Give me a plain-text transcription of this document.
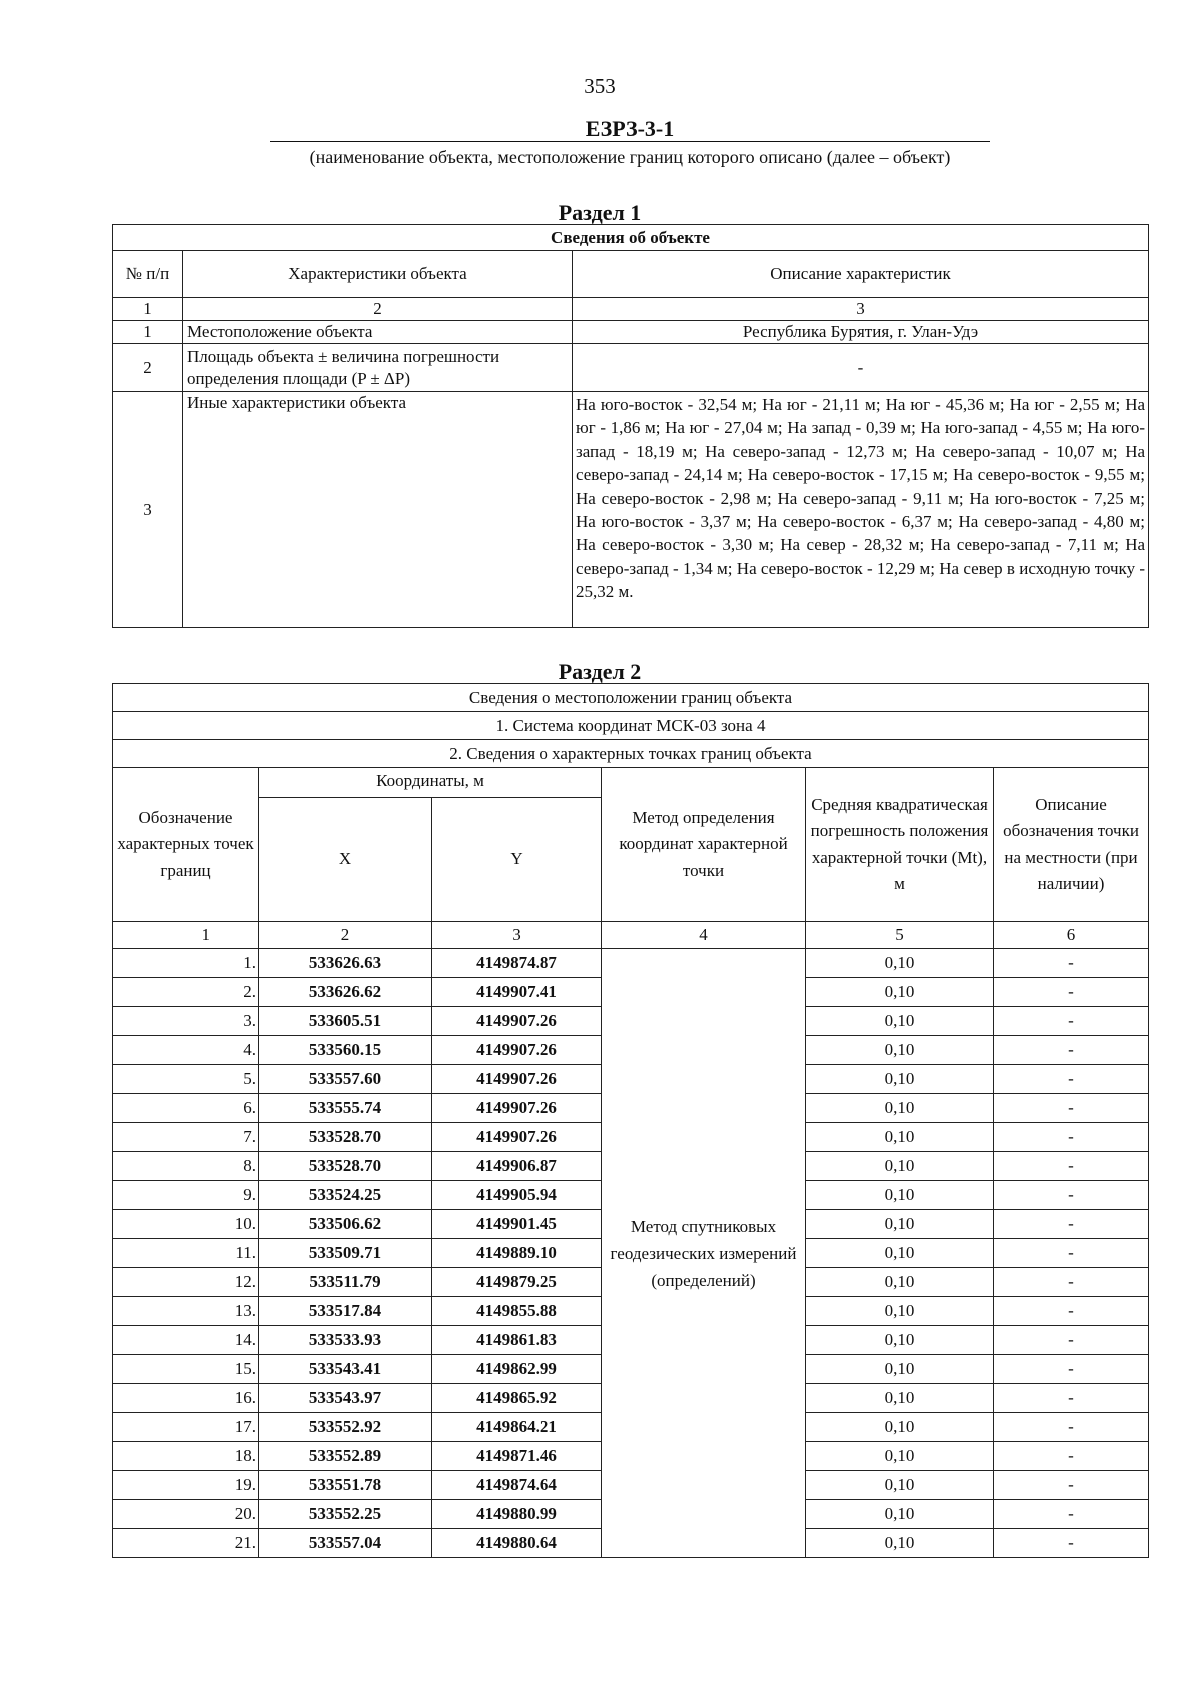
353
ЕЗРЗ-3-1
(наименование объекта, местоположение границ которого описано (далее – объект)
Раздел 1
Сведения об объекте		
№ п/п	Характеристики объекта	Описание характеристик
1	2	3
1	Местоположение объекта	Республика Бурятия, г. Улан-Удэ
2	Площадь объекта ± величина погрешности определения площади (P ± ΔP)	-
3	Иные характеристики объекта	На юго-восток - 32,54 м; На юг - 21,11 м; На юг - 45,36 м; На юг - 2,55 м; На юг - 1,86 м; На юг - 27,04 м; На запад - 0,39 м; На юго-запад - 4,55 м; На юго-запад - 18,19 м; На северо-запад - 12,73 м; На северо-запад - 10,07 м; На северо-запад - 24,14 м; На северо-восток - 17,15 м; На северо-восток - 9,55 м; На северо-восток - 2,98 м; На северо-запад - 9,11 м; На юго-восток - 7,25 м; На юго-восток - 3,37 м; На северо-восток - 6,37 м; На северо-запад - 4,80 м; На северо-восток - 3,30 м; На север - 28,32 м; На северо-запад - 7,11 м; На северо-запад - 1,34 м; На северо-восток - 12,29 м; На север в исходную точку - 25,32 м.
Раздел 2
Сведения о местоположении границ объекта					
1. Система координат МСК-03 зона 4					
2. Сведения о характерных точках границ объекта					
Обозначение характерных точек границ	Координаты, м		Метод определения координат характерной точки	Средняя квадратическая погрешность положения характерной точки (Mt), м	Описание обозначения точки на местности (при наличии)
	X	Y			
1	2	3	4	5	6
1.	533626.63	4149874.87	Метод спутниковых геодезических измерений (определений)	0,10	-
2.	533626.62	4149907.41		0,10	-
3.	533605.51	4149907.26		0,10	-
4.	533560.15	4149907.26		0,10	-
5.	533557.60	4149907.26		0,10	-
6.	533555.74	4149907.26		0,10	-
7.	533528.70	4149907.26		0,10	-
8.	533528.70	4149906.87		0,10	-
9.	533524.25	4149905.94		0,10	-
10.	533506.62	4149901.45		0,10	-
11.	533509.71	4149889.10		0,10	-
12.	533511.79	4149879.25		0,10	-
13.	533517.84	4149855.88		0,10	-
14.	533533.93	4149861.83		0,10	-
15.	533543.41	4149862.99		0,10	-
16.	533543.97	4149865.92		0,10	-
17.	533552.92	4149864.21		0,10	-
18.	533552.89	4149871.46		0,10	-
19.	533551.78	4149874.64		0,10	-
20.	533552.25	4149880.99		0,10	-
21.	533557.04	4149880.64		0,10	-
